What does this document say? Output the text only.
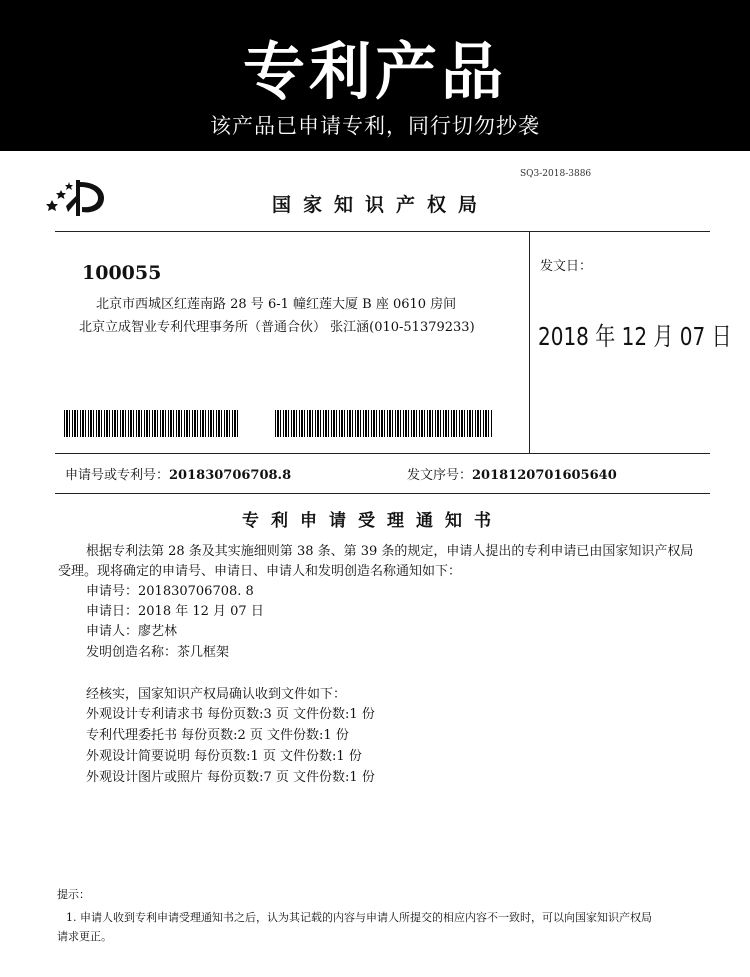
专利产品
该产品已申请专利，同行切勿抄袭
SQ3-2018-3886
国家知识产权局
100055
北京市西城区红莲南路 28 号 6-1 幢红莲大厦 B 座 0610 房间
北京立成智业专利代理事务所（普通合伙） 张江涵(010-51379233)
发文日：
2018 年 12 月 07 日
申请号或专利号：201830706708.8	发文序号：2018120701605640
专利申请受理通知书
根据专利法第 28 条及其实施细则第 38 条、第 39 条的规定，申请人提出的专利申请已由国家知识产权局
受理。现将确定的申请号、申请日、申请人和发明创造名称通知如下：
申请号：201830706708. 8
申请日：2018 年 12 月 07 日
申请人：廖艺林
发明创造名称：茶几框架
经核实，国家知识产权局确认收到文件如下：
外观设计专利请求书 每份页数:3 页 文件份数:1 份
专利代理委托书 每份页数:2 页 文件份数:1 份
外观设计简要说明 每份页数:1 页 文件份数:1 份
外观设计图片或照片 每份页数:7 页 文件份数:1 份
提示：
1. 申请人收到专利申请受理通知书之后，认为其记载的内容与申请人所提交的相应内容不一致时，可以向国家知识产权局
请求更正。
